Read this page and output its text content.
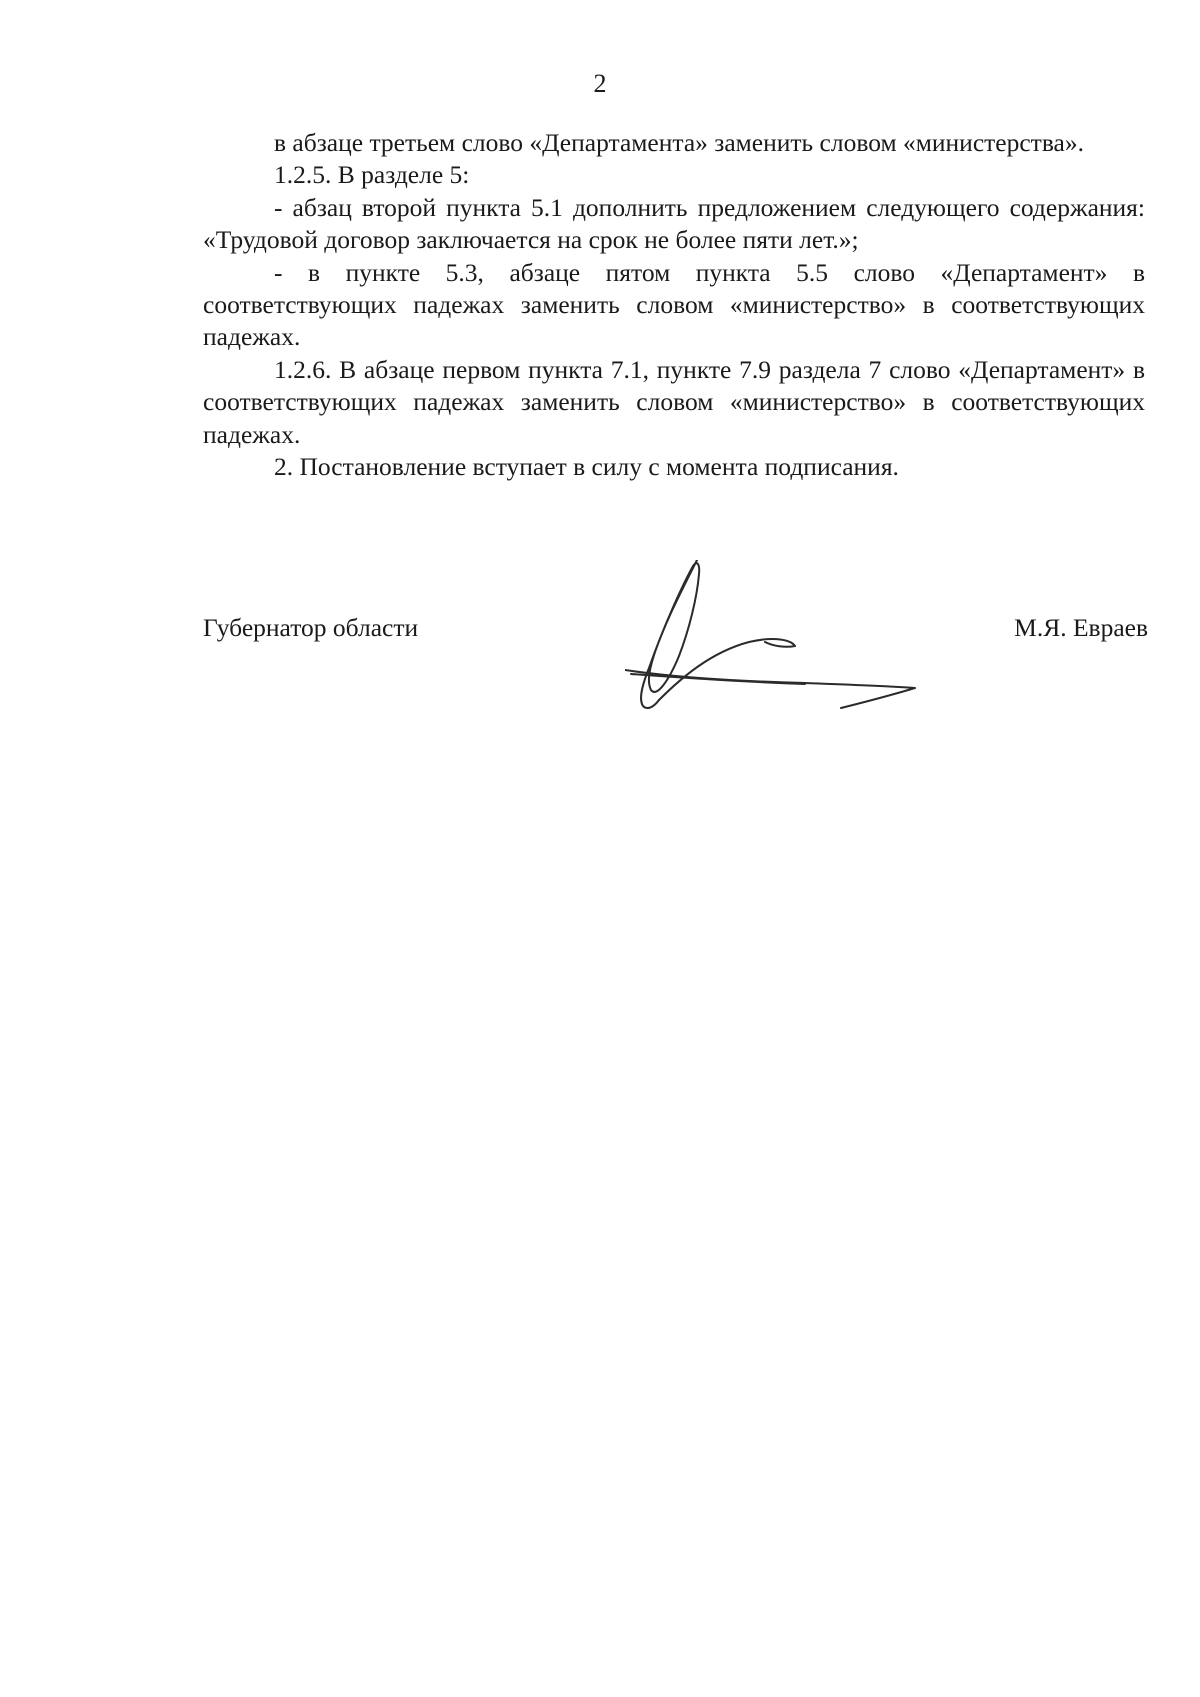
2

в абзаце третьем слово «Департамента» заменить словом «министерства».

1.2.5. В разделе 5:

- абзац второй пункта 5.1 дополнить предложением следующего содержания: «Трудовой договор заключается на срок не более пяти лет.»;

- в пункте 5.3, абзаце пятом пункта 5.5 слово «Департамент» в соответствующих падежах заменить словом «министерство» в соответствующих падежах.

1.2.6. В абзаце первом пункта 7.1, пункте 7.9 раздела 7 слово «Департамент» в соответствующих падежах заменить словом «министерство» в соответствующих падежах.

2. Постановление вступает в силу с момента подписания.

Губернатор области	М.Я. Евраев
